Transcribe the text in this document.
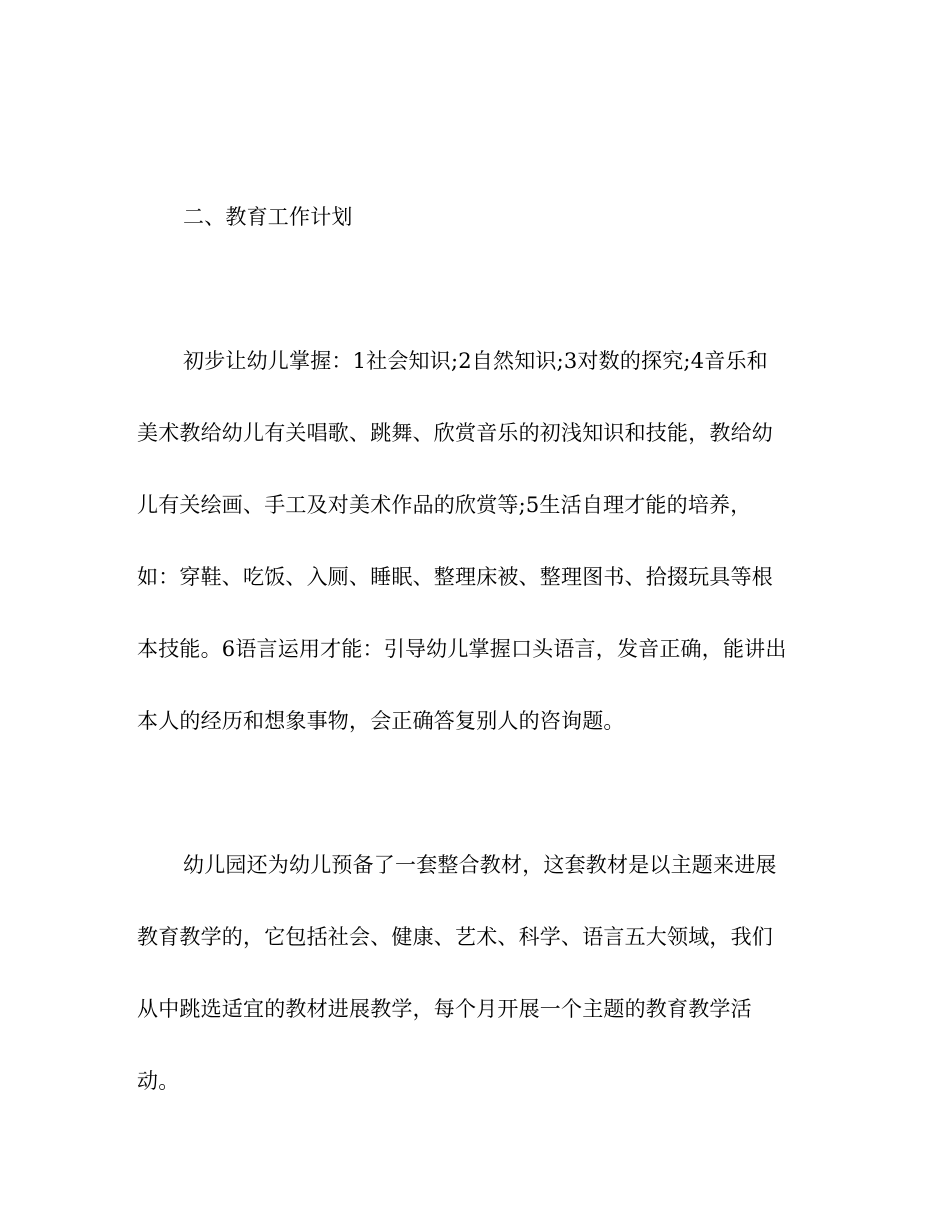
二、教育工作计划
初步让幼儿掌握：1社会知识;2自然知识;3对数的探究;4音乐和
美术教给幼儿有关唱歌、跳舞、欣赏音乐的初浅知识和技能，教给幼
儿有关绘画、手工及对美术作品的欣赏等;5生活自理才能的培养，
如：穿鞋、吃饭、入厕、睡眠、整理床被、整理图书、拾掇玩具等根
本技能。6语言运用才能：引导幼儿掌握口头语言，发音正确，能讲出
本人的经历和想象事物，会正确答复别人的咨询题。
幼儿园还为幼儿预备了一套整合教材，这套教材是以主题来进展
教育教学的，它包括社会、健康、艺术、科学、语言五大领域，我们
从中跳选适宜的教材进展教学，每个月开展一个主题的教育教学活
动。
